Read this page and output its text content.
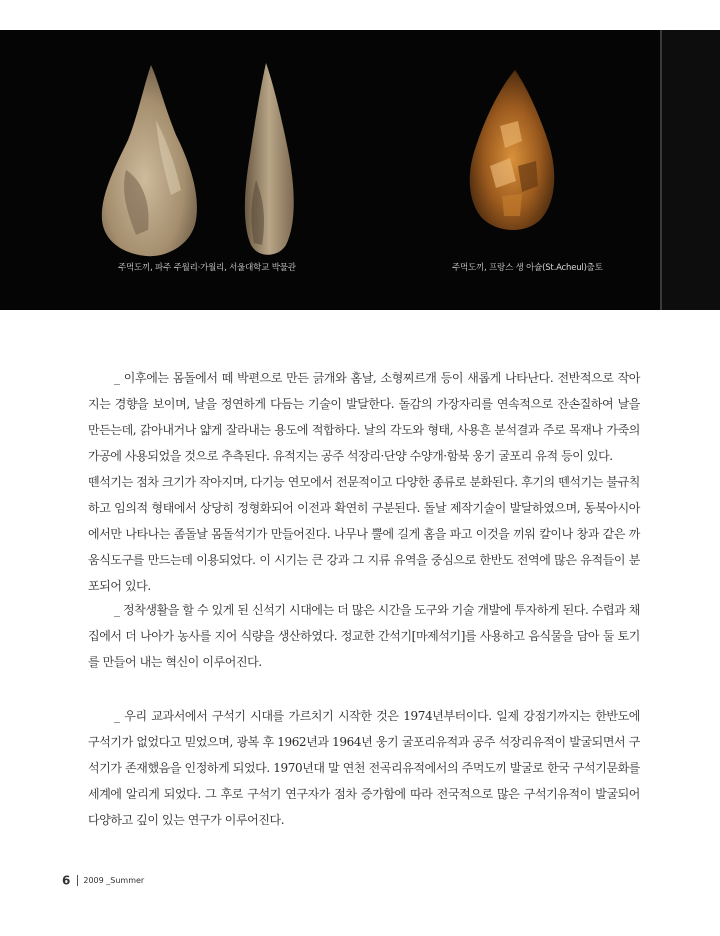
주먹도끼, 파주 주월리·가월리, 서울대학교 박물관	주먹도끼, 프랑스 생 아슐(St.Acheul)출토

_ 이후에는 몸돌에서 떼 박편으로 만든 긁개와 홈날, 소형찌르개 등이 새롭게 나타난다. 전반적으로 작아지는 경향을 보이며, 날을 정연하게 다듬는 기술이 발달한다. 돌감의 가장자리를 연속적으로 잔손질하여 날을 만든는데, 갉아내거나 얇게 잘라내는 용도에 적합하다. 날의 각도와 형태, 사용흔 분석결과 주로 목재나 가죽의 가공에 사용되었을 것으로 추측된다. 유적지는 공주 석장리·단양 수양개·함북 웅기 굴포리 유적 등이 있다.
뗀석기는 점차 크기가 작아지며, 다기능 연모에서 전문적이고 다양한 종류로 분화된다. 후기의 뗀석기는 불규칙하고 임의적 형태에서 상당히 정형화되어 이전과 확연히 구분된다. 돌날 제작기술이 발달하였으며, 동북아시아에서만 나타나는 좀돌날 몸돌석기가 만들어진다. 나무나 뿔에 길게 홈을 파고 이것을 끼워 칼이나 창과 같은 까움식도구를 만드는데 이용되었다. 이 시기는 큰 강과 그 지류 유역을 중심으로 한반도 전역에 많은 유적들이 분포되어 있다.

_ 정착생활을 할 수 있게 된 신석기 시대에는 더 많은 시간을 도구와 기술 개발에 투자하게 된다. 수렵과 채집에서 더 나아가 농사를 지어 식량을 생산하였다. 정교한 간석기[마제석기]를 사용하고 음식물을 담아 둘 토기를 만들어 내는 혁신이 이루어진다.

_ 우리 교과서에서 구석기 시대를 가르치기 시작한 것은 1974년부터이다. 일제 강점기까지는 한반도에 구석기가 없었다고 믿었으며, 광복 후 1962년과 1964년 웅기 굴포리유적과 공주 석장리유적이 발굴되면서 구석기가 존재했음을 인정하게 되었다. 1970년대 말 연천 전곡리유적에서의 주먹도끼 발굴로 한국 구석기문화를 세계에 알리게 되었다. 그 후로 구석기 연구자가 점차 증가함에 따라 전국적으로 많은 구석기유적이 발굴되어 다양하고 깊이 있는 연구가 이루어진다.

6 2009 _Summer
